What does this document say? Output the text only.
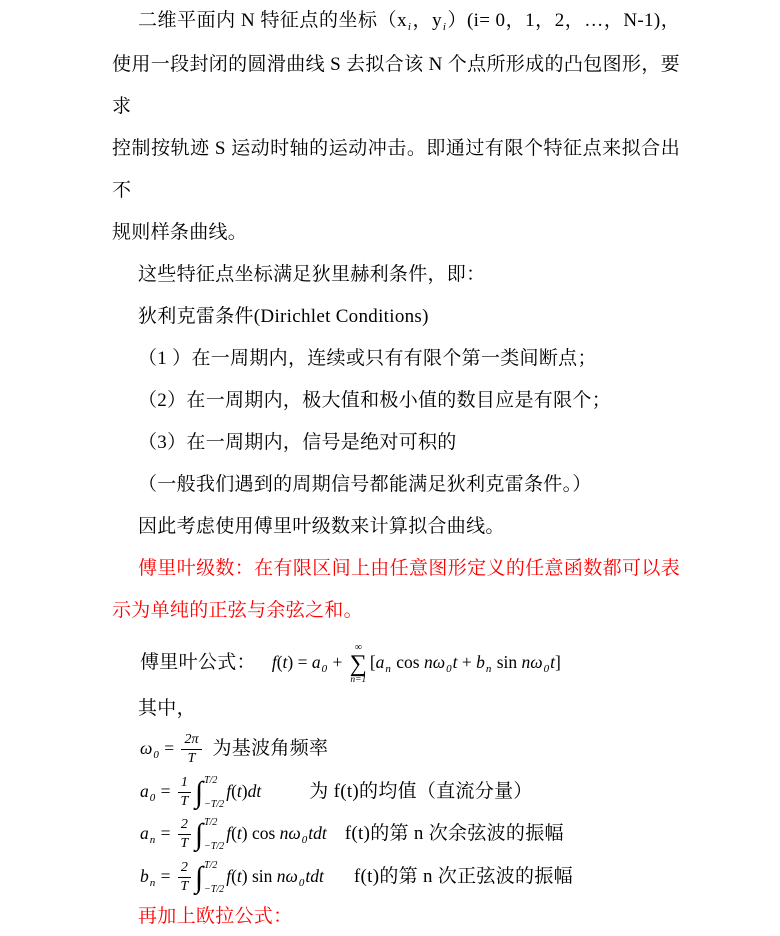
二维平面内 N 特征点的坐标（$x_i$，$y_i)(i= 0$，1，2，…，N-1)，
使用一段封闭的圆滑曲线 S 去拟合该 N 个点所形成的凸包图形，要求
控制按轨迹 S 运动时轴的运动冲击。即通过有限个特征点来拟合出不
规则样条曲线。
这些特征点坐标满足狄里赫利条件，即：
狄利克雷条件(Dirichlet Conditions)
（1 ）在一周期内，连续或只有有限个第一类间断点；
（2）在一周期内，极大值和极小值的数目应是有限个；
（3）在一周期内，信号是绝对可积的
（一般我们遇到的周期信号都能满足狄利克雷条件。）
因此考虑使用傅里叶级数来计算拟合曲线。
傅里叶级数：在有限区间上由任意图形定义的任意函数都可以表
示为单纯的正弦与余弦之和。
傅里叶公式： $f(t) = a_0$ +
∞
∑
n=1
[$a_n$ $\cos n\omega_0t + b_n$ $\sin n\omega_0t$]
其中，
$\omega_0 = \frac{2\pi}{T}$ 为基波角频率
$a_0 = \frac{1}{T}$ ∫ T/2
−T/2
f(t)dt	为 f(t)的均值（直流分量）
$a_n = \frac{2}{T}$ ∫ T/2
−T/2
f(t) $\cos n\omega_0tdt$ f(t)的第 n 次余弦波的振幅
$b_n = \frac{2}{T}$ ∫ T/2
−T/2
f(t) $\sin n\omega_0tdt$ f(t)的第 n 次正弦波的振幅
再加上欧拉公式：
